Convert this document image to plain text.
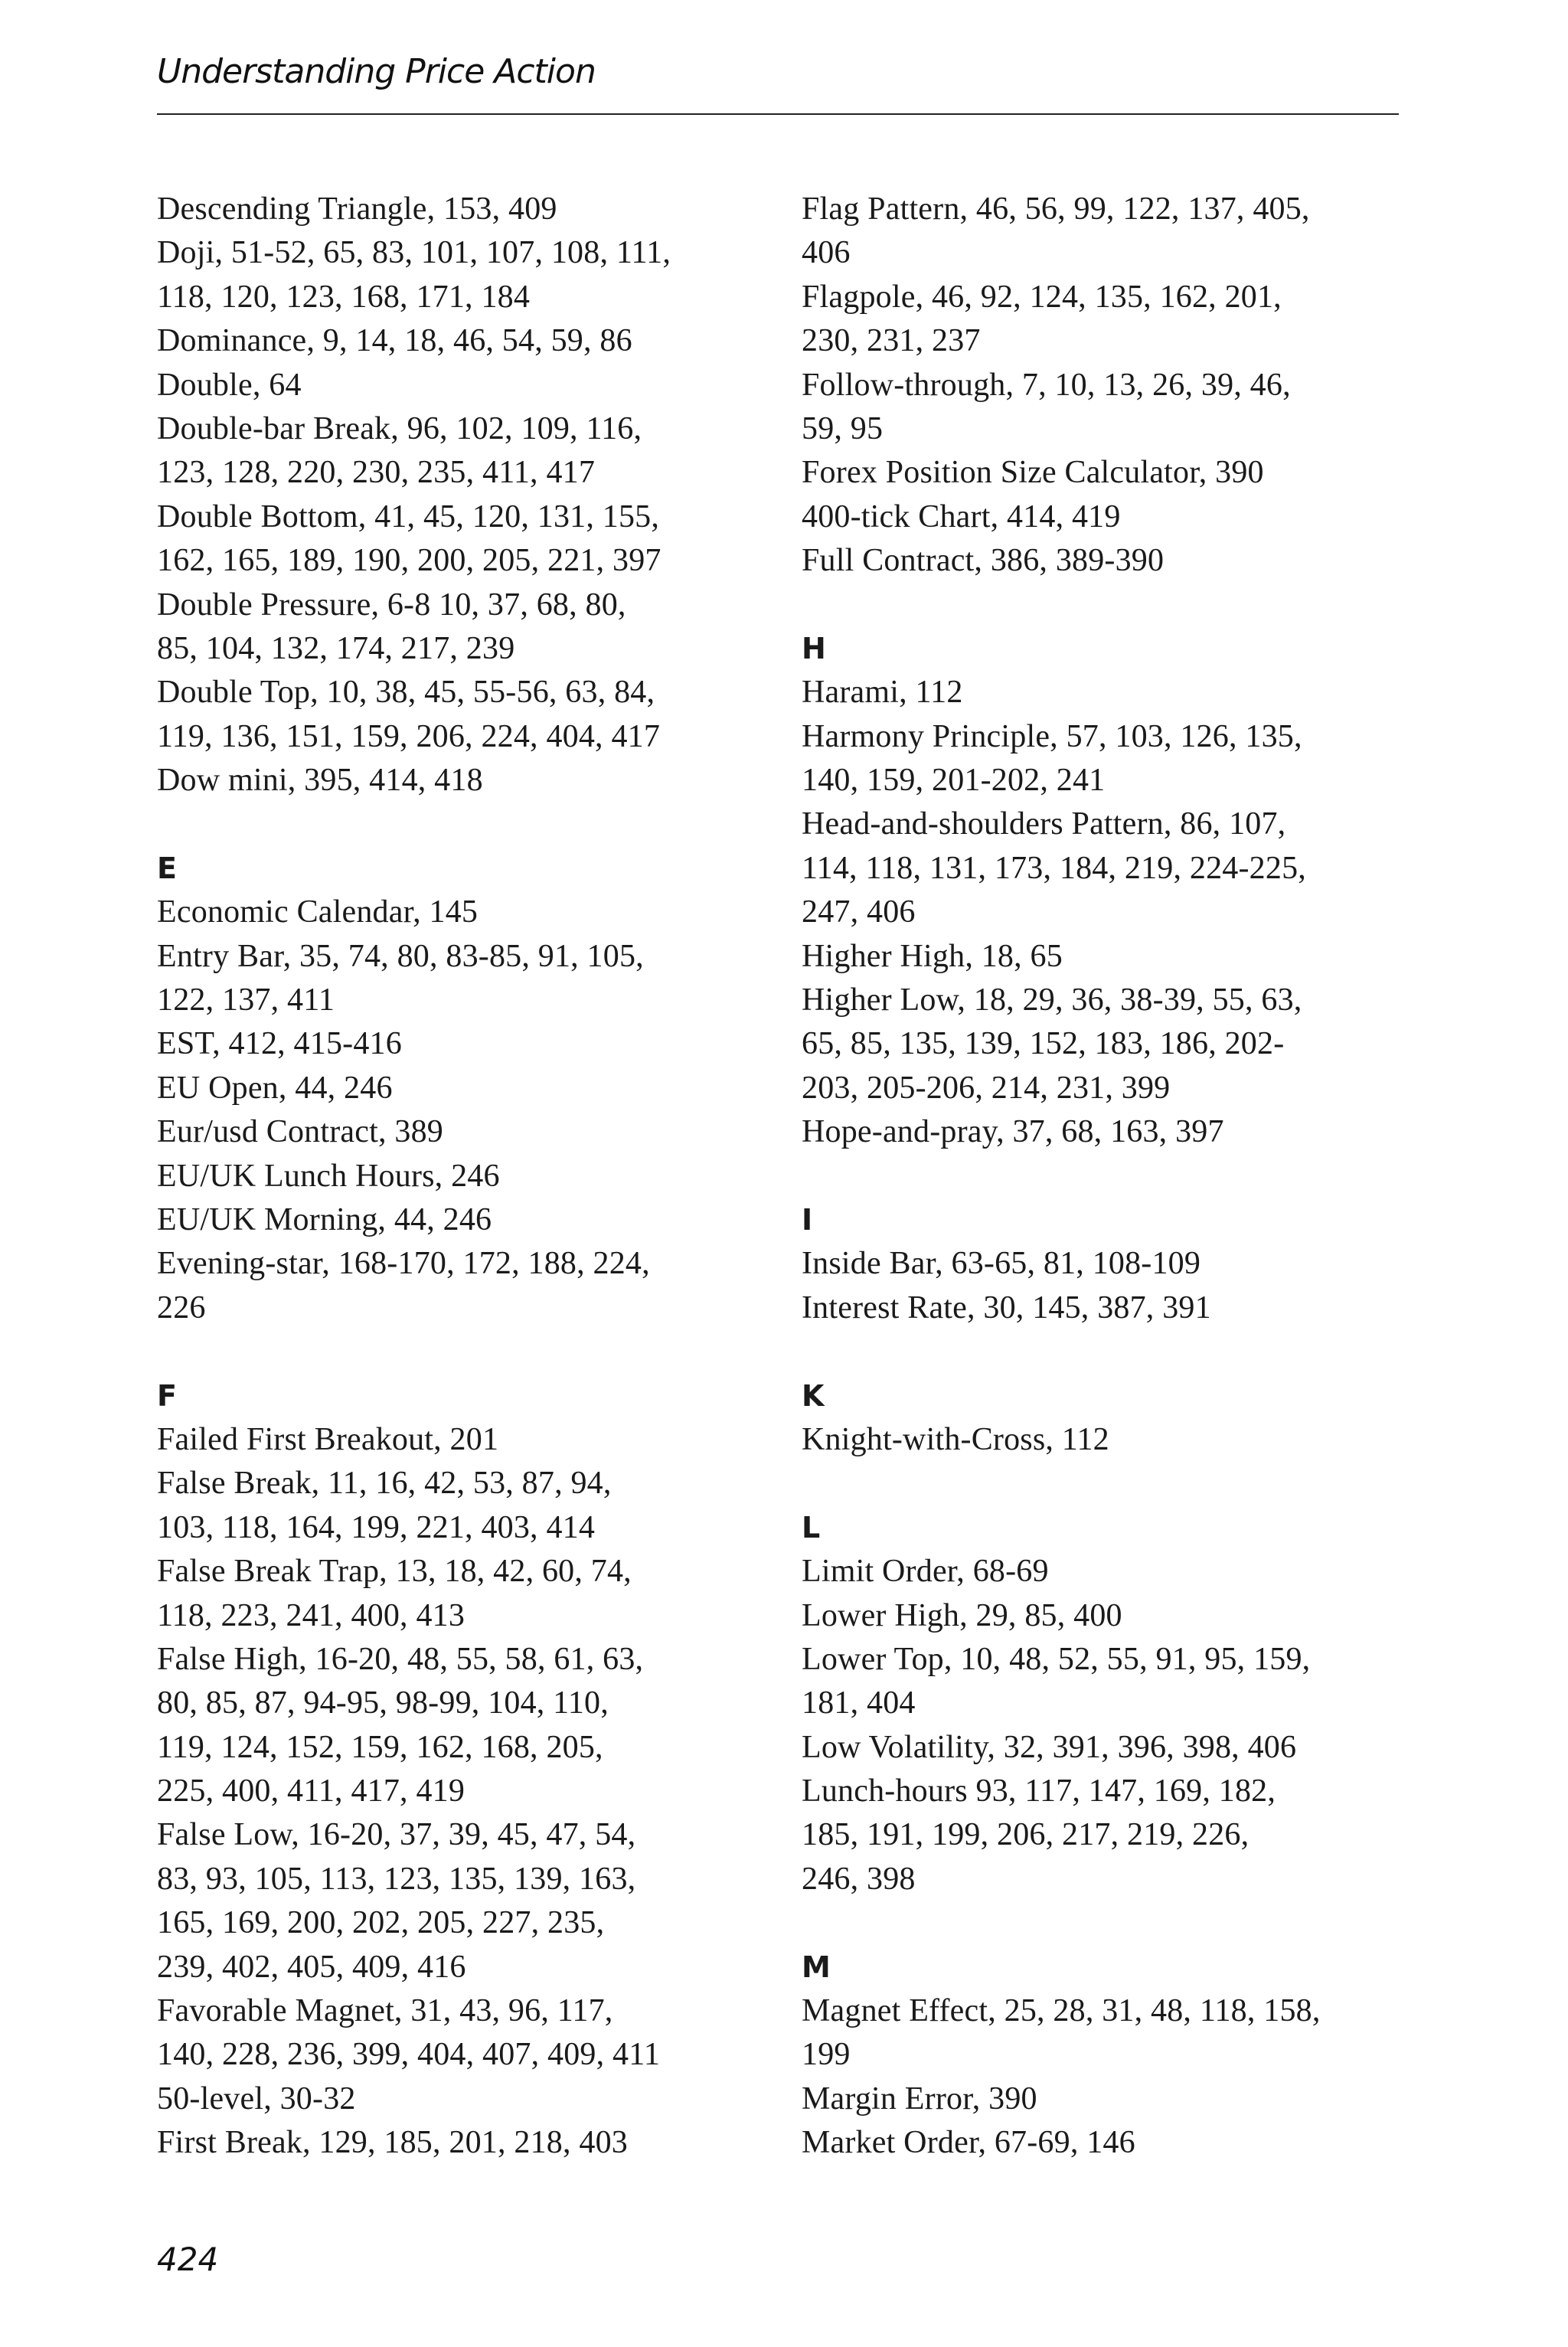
Understanding Price Action
Descending Triangle, 153, 409
Doji, 51-52, 65, 83, 101, 107, 108, 111,
118, 120, 123, 168, 171, 184
Dominance, 9, 14, 18, 46, 54, 59, 86
Double, 64
Double-bar Break, 96, 102, 109, 116,
123, 128, 220, 230, 235, 411, 417
Double Bottom, 41, 45, 120, 131, 155,
162, 165, 189, 190, 200, 205, 221, 397
Double Pressure, 6-8 10, 37, 68, 80,
85, 104, 132, 174, 217, 239
Double Top, 10, 38, 45, 55-56, 63, 84,
119, 136, 151, 159, 206, 224, 404, 417
Dow mini, 395, 414, 418
E
Economic Calendar, 145
Entry Bar, 35, 74, 80, 83-85, 91, 105,
122, 137, 411
EST, 412, 415-416
EU Open, 44, 246
Eur/usd Contract, 389
EU/UK Lunch Hours, 246
EU/UK Morning, 44, 246
Evening-star, 168-170, 172, 188, 224,
226
F
Failed First Breakout, 201
False Break, 11, 16, 42, 53, 87, 94,
103, 118, 164, 199, 221, 403, 414
False Break Trap, 13, 18, 42, 60, 74,
118, 223, 241, 400, 413
False High, 16-20, 48, 55, 58, 61, 63,
80, 85, 87, 94-95, 98-99, 104, 110,
119, 124, 152, 159, 162, 168, 205,
225, 400, 411, 417, 419
False Low, 16-20, 37, 39, 45, 47, 54,
83, 93, 105, 113, 123, 135, 139, 163,
165, 169, 200, 202, 205, 227, 235,
239, 402, 405, 409, 416
Favorable Magnet, 31, 43, 96, 117,
140, 228, 236, 399, 404, 407, 409, 411
50-level, 30-32
First Break, 129, 185, 201, 218, 403
Flag Pattern, 46, 56, 99, 122, 137, 405,
406
Flagpole, 46, 92, 124, 135, 162, 201,
230, 231, 237
Follow-through, 7, 10, 13, 26, 39, 46,
59, 95
Forex Position Size Calculator, 390
400-tick Chart, 414, 419
Full Contract, 386, 389-390
H
Harami, 112
Harmony Principle, 57, 103, 126, 135,
140, 159, 201-202, 241
Head-and-shoulders Pattern, 86, 107,
114, 118, 131, 173, 184, 219, 224-225,
247, 406
Higher High, 18, 65
Higher Low, 18, 29, 36, 38-39, 55, 63,
65, 85, 135, 139, 152, 183, 186, 202-
203, 205-206, 214, 231, 399
Hope-and-pray, 37, 68, 163, 397
I
Inside Bar, 63-65, 81, 108-109
Interest Rate, 30, 145, 387, 391
K
Knight-with-Cross, 112
L
Limit Order, 68-69
Lower High, 29, 85, 400
Lower Top, 10, 48, 52, 55, 91, 95, 159,
181, 404
Low Volatility, 32, 391, 396, 398, 406
Lunch-hours 93, 117, 147, 169, 182,
185, 191, 199, 206, 217, 219, 226,
246, 398
M
Magnet Effect, 25, 28, 31, 48, 118, 158,
199
Margin Error, 390
Market Order, 67-69, 146
424
